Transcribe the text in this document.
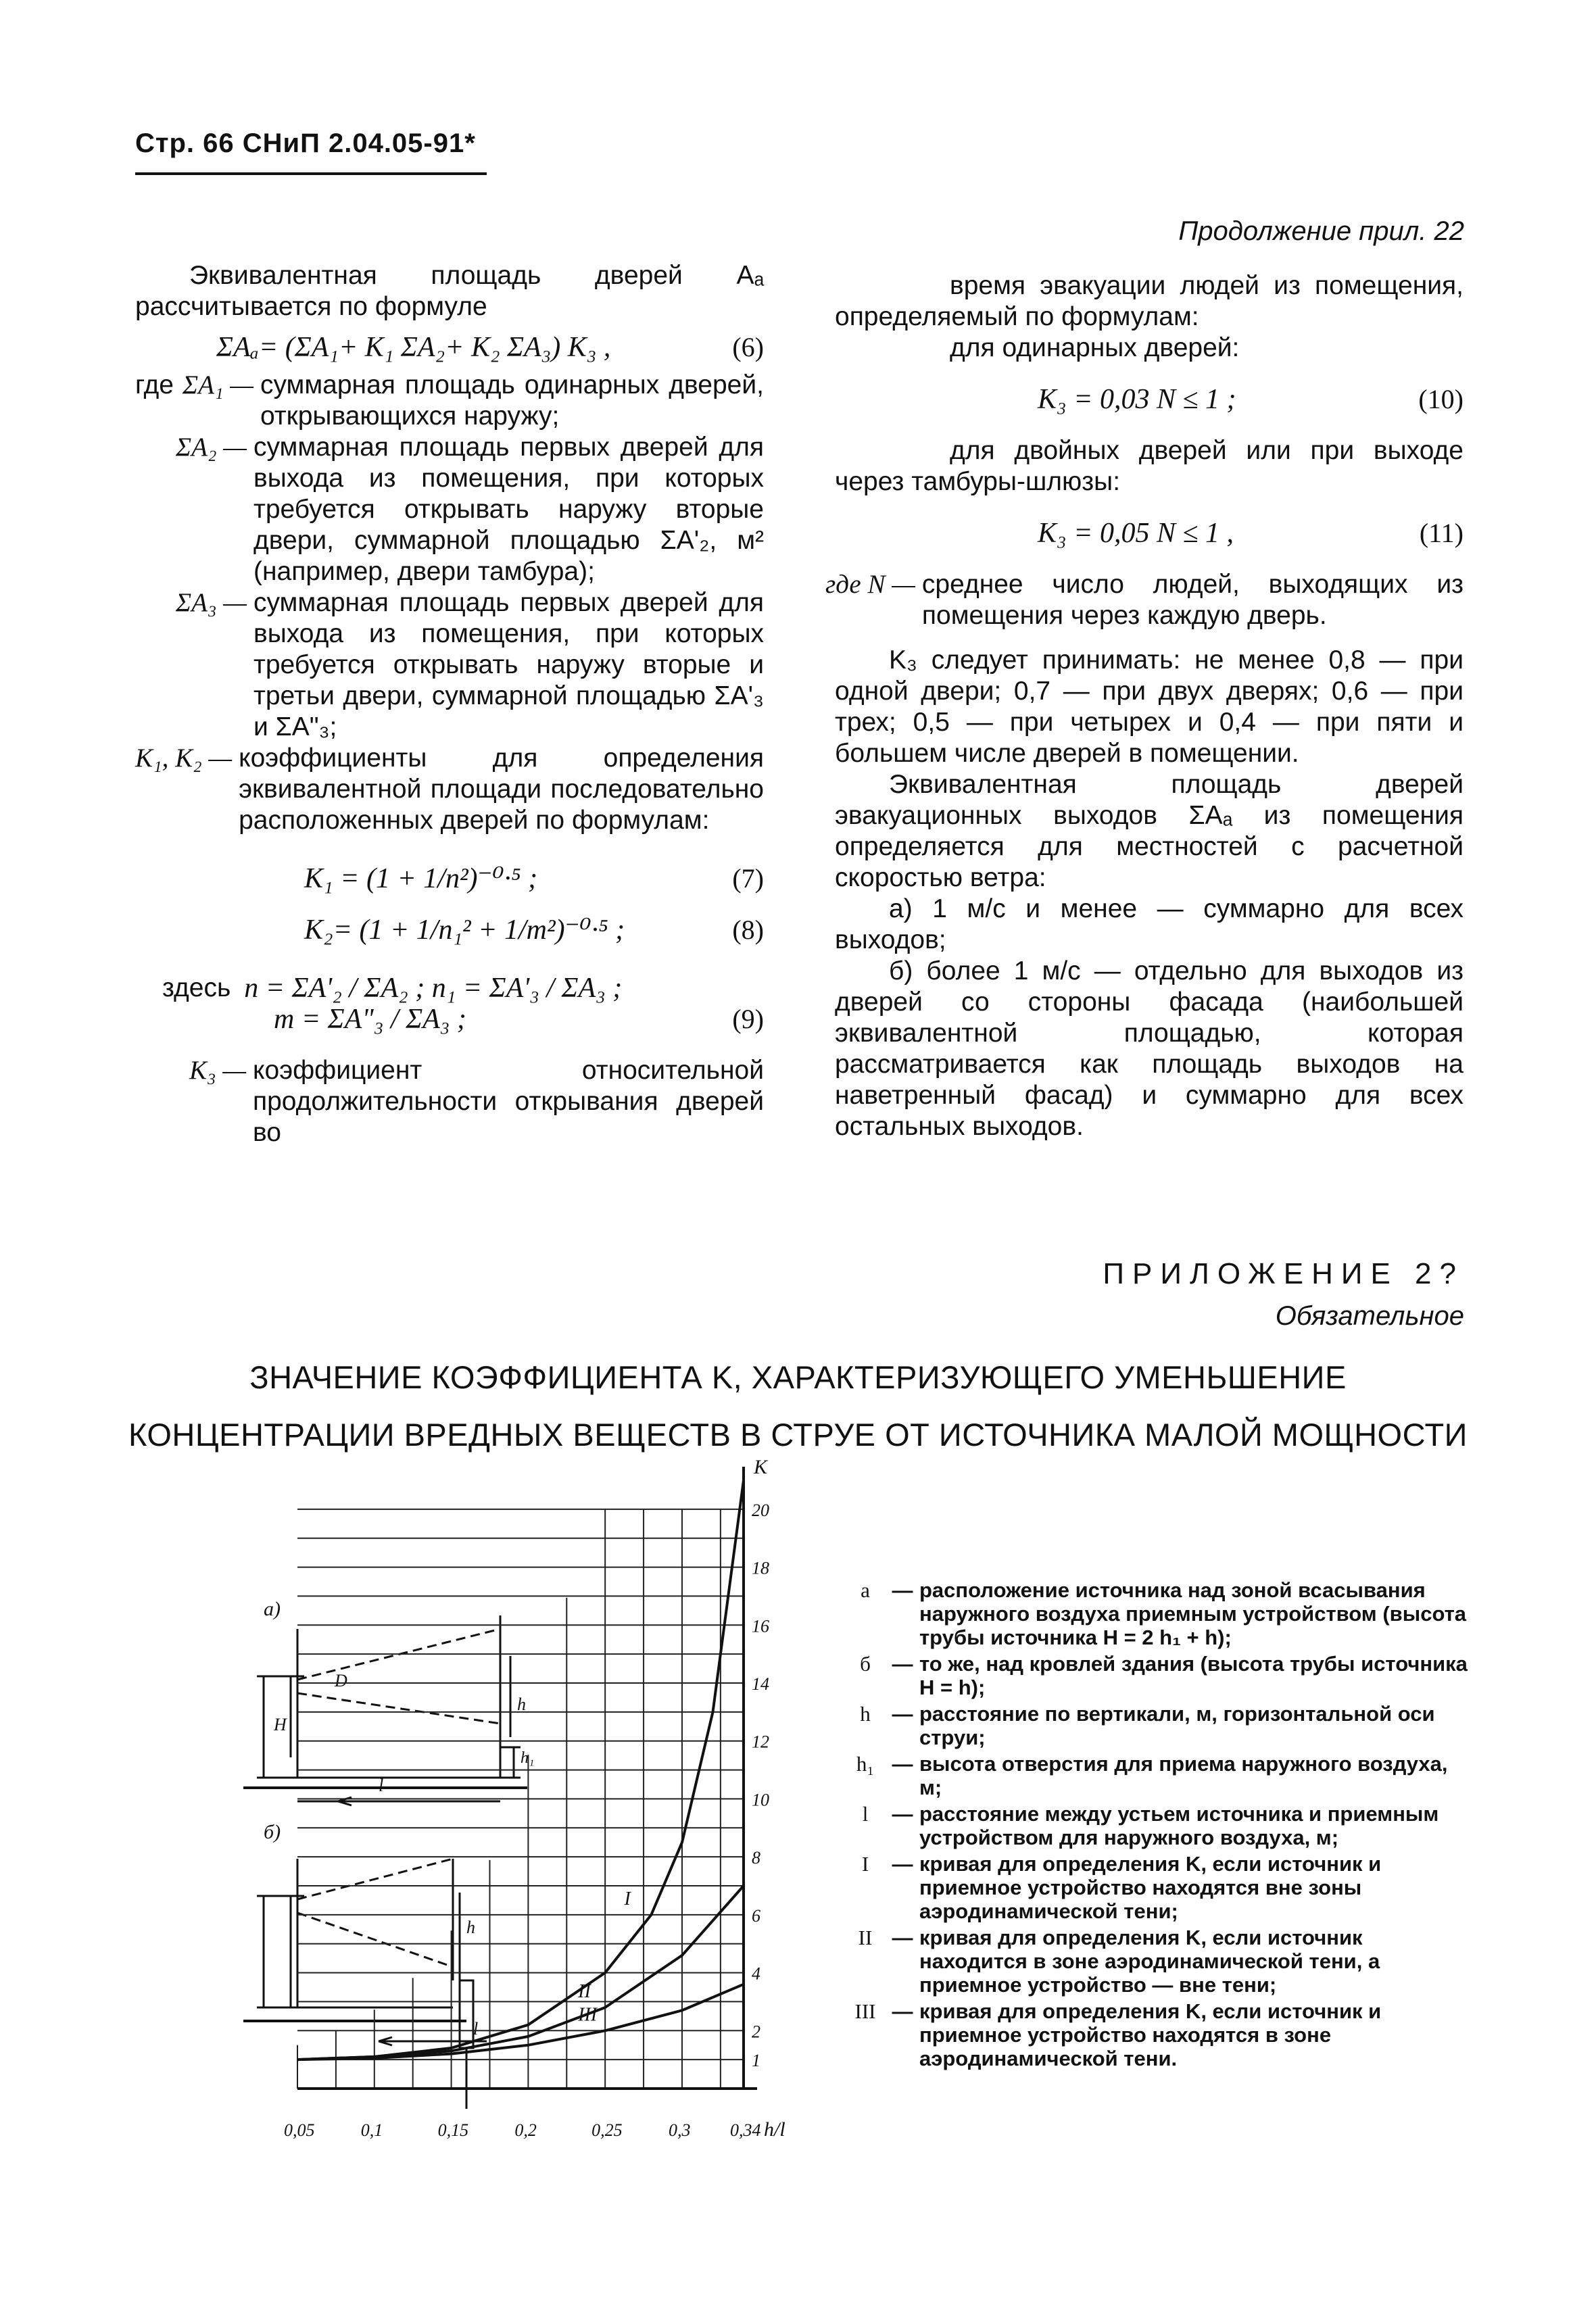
Стр. 66 СНиП 2.04.05-91*
Продолжение прил. 22

Эквивалентная площадь дверей Aₐ рассчитывается по формуле

ΣAₐ= (ΣA₁+ K₁ ΣA₂+ K₂ ΣA₃) K₃ ,	(6)
где ΣA₁ — суммарная площадь одинарных дверей, открывающихся наружу;
ΣA₂ — суммарная площадь первых дверей для выхода из помещения, при которых требуется открывать наружу вторые двери, суммарной площадью ΣA'₂, м² (например, двери тамбура);
ΣA₃ — суммарная площадь первых дверей для выхода из помещения, при которых требуется открывать наружу вторые и третьи двери, суммарной площадью ΣA'₃ и ΣA"₃;
K₁, K₂ — коэффициенты для определения эквивалентной площади последовательно расположенных дверей по формулам:
K₁ = (1 + 1/n²)⁻⁰·⁵ ;	(7)
K₂= (1 + 1/n₁² + 1/m²)⁻⁰·⁵ ;	(8)
здесь n = ΣA'₂ / ΣA₂ ; n₁ = ΣA'₃ / ΣA₃ ;
m = ΣA"₃ / ΣA₃ ;	(9)
K₃ — коэффициент относительной продолжительности открывания дверей во

время эвакуации людей из помещения, определяемый по формулам:

для одинарных дверей:

K₃ = 0,03 N ≤ 1 ;	(10)

для двойных дверей или при выходе через тамбуры-шлюзы:

K₃ = 0,05 N ≤ 1 ,	(11)
где N — среднее число людей, выходящих из помещения через каждую дверь.

K₃ следует принимать: не менее 0,8 — при одной двери; 0,7 — при двух дверях; 0,6 — при трех; 0,5 — при четырех и 0,4 — при пяти и большем числе дверей в помещении.

Эквивалентная площадь дверей эвакуационных выходов ΣAₐ из помещения определяется для местностей с расчетной скоростью ветра:

а) 1 м/с и менее — суммарно для всех выходов;

б) более 1 м/с — отдельно для выходов из дверей со стороны фасада (наибольшей эквивалентной площадью, которая рассматривается как площадь выходов на наветренный фасад) и суммарно для всех остальных выходов.

ПРИЛОЖЕНИЕ 2?
Обязательное
ЗНАЧЕНИЕ КОЭФФИЦИЕНТА K, ХАРАКТЕРИЗУЮЩЕГО УМЕНЬШЕНИЕ
КОНЦЕНТРАЦИИ ВРЕДНЫХ ВЕЩЕСТВ В СТРУЕ ОТ ИСТОЧНИКА МАЛОЙ МОЩНОСТИ
а)
H
D
h
h₁
l
б)
h
l
1
2
4
6
8
10
12
14
16
18
20
K
0,05	0,1	0,15	0,2	0,25	0,3 0,34 h/l
I
II
III
а	— расположение источника над зоной всасывания наружного воздуха приемным устройством (высота трубы источника H = 2 h₁ + h);
б	— то же, над кровлей здания (высота трубы источника H = h);
h	— расстояние по вертикали, м, горизонтальной оси струи;
h₁ — высота отверстия для приема наружного воздуха, м;
l	— расстояние между устьем источника и приемным устройством для наружного воздуха, м;
I	— кривая для определения K, если источник и приемное устройство находятся вне зоны аэродинамической тени;
II — кривая для определения K, если источник находится в зоне аэродинамической тени, а приемное устройство — вне тени;
III — кривая для определения K, если источник и приемное устройство находятся в зоне аэродинамической тени.
